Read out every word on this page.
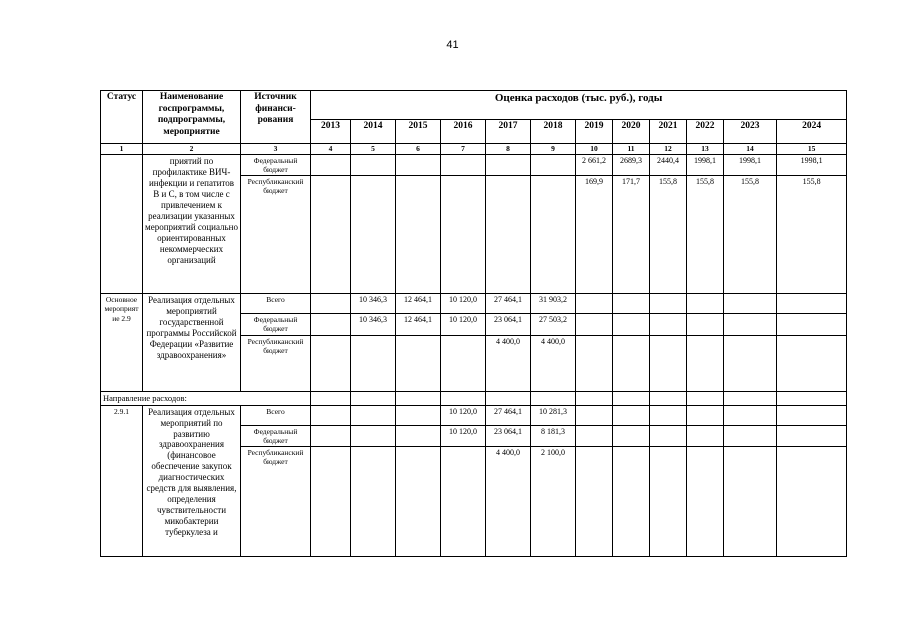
41
Статус	Наименование госпрограммы, подпрограммы, мероприятие	Источник финанси-рования	Оценка расходов (тыс. руб.), годы											
			2013	2014	2015	2016	2017	2018	2019	2020	2021	2022	2023	2024
1	2	3	4	5	6	7	8	9	10	11	12	13	14	15
	приятий по профилактике ВИЧ-инфекции и гепатитов В и С, в том числе с привлечением к реализации указанных мероприятий социально ориентированных некоммерческих организаций	Федеральный бюджет							2 661,2	2689,3	2440,4	1998,1	1998,1	1998,1
		Республиканский бюджет							169,9	171,7	155,8	155,8	155,8	155,8
Основное мероприятие 2.9	Реализация отдельных мероприятий государственной программы Российской Федерации «Развитие здравоохранения»	Всего		10 346,3	12 464,1	10 120,0	27 464,1	31 903,2						
		Федеральный бюджет		10 346,3	12 464,1	10 120,0	23 064,1	27 503,2						
		Республиканский бюджет					4 400,0	4 400,0						
Направление расходов:														
2.9.1	Реализация отдельных мероприятий по развитию здравоохранения (финансовое обеспечение закупок диагностических средств для выявления, определения чувствительности микобактерии туберкулеза и	Всего				10 120,0	27 464,1	10 281,3						
		Федеральный бюджет				10 120,0	23 064,1	8 181,3						
		Республиканский бюджет					4 400,0	2 100,0						
